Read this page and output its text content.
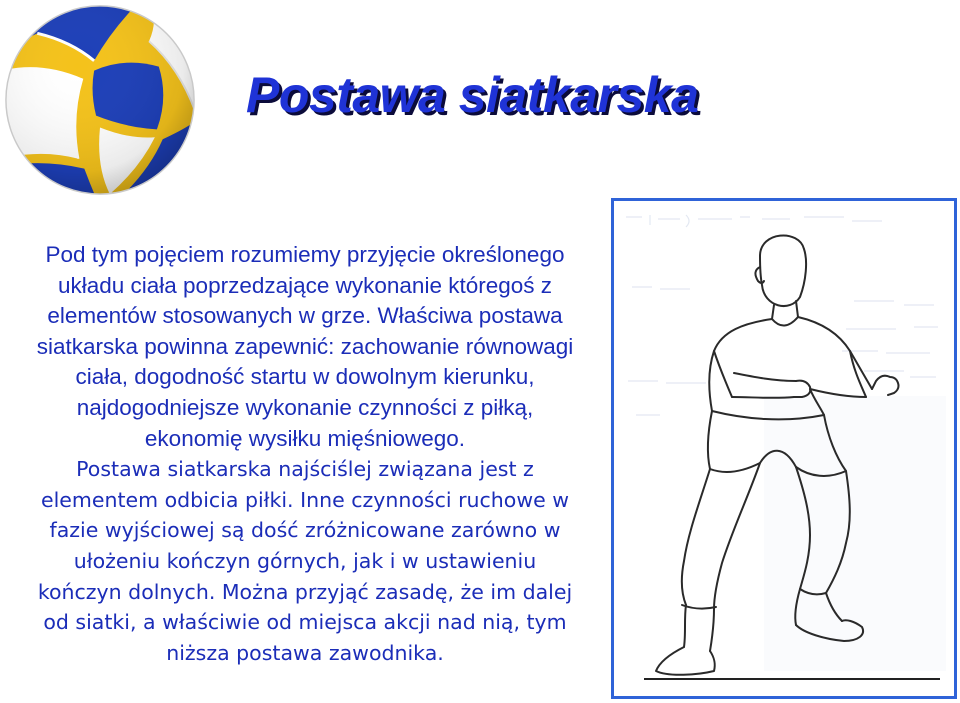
Postawa siatkarska
Pod tym pojęciem rozumiemy przyjęcie określonego
układu ciała poprzedzające wykonanie któregoś z
elementów stosowanych w grze. Właściwa postawa
siatkarska powinna zapewnić: zachowanie równowagi
ciała, dogodność startu w dowolnym kierunku,
najdogodniejsze wykonanie czynności z piłką,
ekonomię wysiłku mięśniowego.
Postawa siatkarska najściślej związana jest z
elementem odbicia piłki. Inne czynności ruchowe w
fazie wyjściowej są dość zróżnicowane zarówno w
ułożeniu kończyn górnych, jak i w ustawieniu
kończyn dolnych. Można przyjąć zasadę, że im dalej
od siatki, a właściwie od miejsca akcji nad nią, tym
niższa postawa zawodnika.
